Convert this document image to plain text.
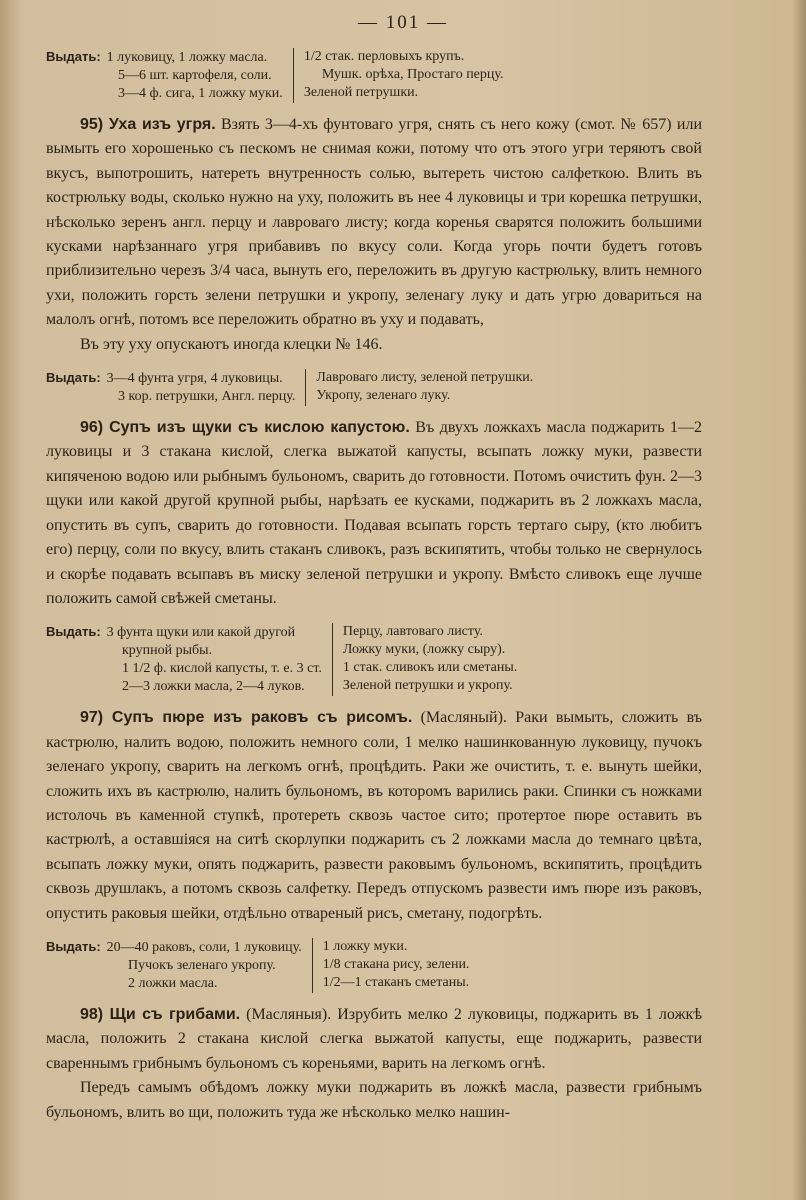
— 101 —
Выдать: 1 луковицу, 1 ложку масла.
5—6 шт. картофеля, соли.
3—4 ф. сига, 1 ложку муки.
1/2 стак. перловыхъ крупъ.
Мушк. орѣха, Простаго перцу.
Зеленой петрушки.

95) Уха изъ угря. Взять 3—4-хъ фунтоваго угря, снять съ него кожу (смот. № 657) или вымыть его хорошенько съ пескомъ не снимая кожи, потому что отъ этого угри теряютъ свой вкусъ, выпотрошить, натереть внутренность солью, вытереть чистою салфеткою. Влить въ кострюльку воды, сколько нужно на уху, положить въ нее 4 луковицы и три корешка петрушки, нѣсколько зеренъ англ. перцу и лавроваго листу; когда коренья сварятся положить большими кусками нарѣзаннаго угря прибавивъ по вкусу соли. Когда угорь почти будетъ готовъ приблизительно черезъ 3/4 часа, вынуть его, переложить въ другую кастрюльку, влить немного ухи, положить горсть зелени петрушки и укропу, зеленагу луку и дать угрю довариться на малолъ огнѣ, потомъ все переложить обратно въ уху и подавать,

Въ эту уху опускаютъ иногда клецки № 146.

Выдать: 3—4 фунта угря, 4 луковицы.
3 кор. петрушки, Англ. перцу.
Лавроваго листу, зеленой петрушки.
Укропу, зеленаго луку.

96) Супъ изъ щуки съ кислою капустою. Въ двухъ ложкахъ масла поджарить 1—2 луковицы и 3 стакана кислой, слегка выжатой капусты, всыпать ложку муки, развести кипяченою водою или рыбнымъ бульономъ, сварить до готовности. Потомъ очистить фун. 2—3 щуки или какой другой крупной рыбы, нарѣзать ее кусками, поджарить въ 2 ложкахъ масла, опустить въ супъ, сварить до готовности. Подавая всыпать горсть тертаго сыру, (кто любитъ его) перцу, соли по вкусу, влить стаканъ сливокъ, разъ вскипятить, чтобы только не свернулось и скорѣе подавать всыпавъ въ миску зеленой петрушки и укропу. Вмѣсто сливокъ еще лучше положить самой свѣжей сметаны.

Выдать: 3 фунта щуки или какой другой
крупной рыбы.
1 1/2 ф. кислой капусты, т. е. 3 ст.
2—3 ложки масла, 2—4 луков.
Перцу, лавтоваго листу.
Ложку муки, (ложку сыру).
1 стак. сливокъ или сметаны.
Зеленой петрушки и укропу.

97) Супъ пюре изъ раковъ съ рисомъ. (Масляный). Раки вымыть, сложить въ кастрюлю, налить водою, положить немного соли, 1 мелко нашинкованную луковицу, пучокъ зеленаго укропу, сварить на легкомъ огнѣ, процѣдить. Раки же очистить, т. е. вынуть шейки, сложить ихъ въ кастрюлю, налить бульономъ, въ которомъ варились раки. Спинки съ ножками истолочь въ каменной ступкѣ, протереть сквозь частое сито; протертое пюре оставить въ кастрюлѣ, а оставшіяся на ситѣ скорлупки поджарить съ 2 ложками масла до темнаго цвѣта, всыпать ложку муки, опять поджарить, развести раковымъ бульономъ, вскипятить, процѣдить сквозь друшлакъ, а потомъ сквозь салфетку. Передъ отпускомъ развести имъ пюре изъ раковъ, опустить раковыя шейки, отдѣльно отвареный рисъ, сметану, подогрѣть.

Выдать: 20—40 раковъ, соли, 1 луковицу.
Пучокъ зеленаго укропу.
2 ложки масла.
1 ложку муки.
1/8 стакана рису, зелени.
1/2—1 стаканъ сметаны.

98) Щи съ грибами. (Масляныя). Изрубить мелко 2 луковицы, поджарить въ 1 ложкѣ масла, положить 2 стакана кислой слегка выжатой капусты, еще поджарить, развести свареннымъ грибнымъ бульономъ съ кореньями, варить на легкомъ огнѣ.

Передъ самымъ обѣдомъ ложку муки поджарить въ ложкѣ масла, развести грибнымъ бульономъ, влить во щи, положить туда же нѣсколько мелко нашин-
